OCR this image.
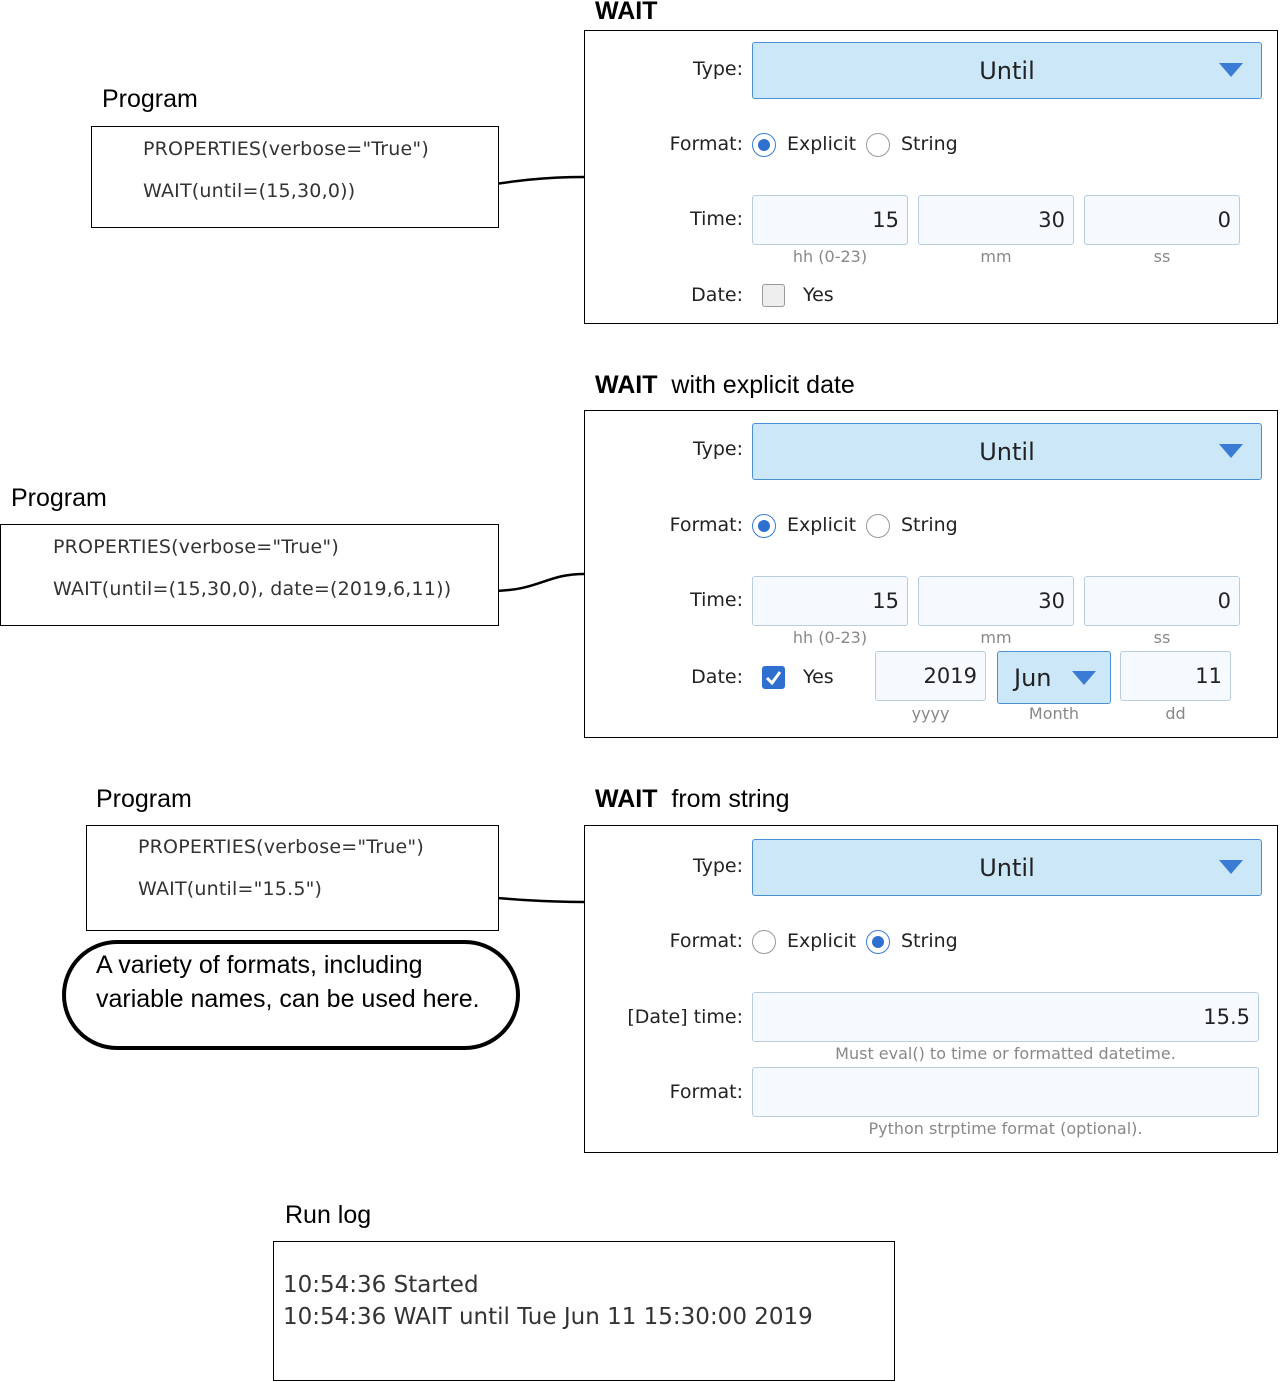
Program
PROPERTIES(verbose="True")
WAIT(until=(15,30,0))
WAIT
Type:	Until
Format: Explicit String
Time:	15	30	0
hh (0-23)	mm	ss
Date:	Yes
Program
PROPERTIES(verbose="True")
WAIT(until=(15,30,0), date=(2019,6,11))
WAIT with explicit date
Type:	Until
Format: Explicit String
Time:	15	30	0
hh (0-23)	mm	ss
Date:	Yes	2019	Jun	11
yyyy	Month	dd
Program
PROPERTIES(verbose="True")
WAIT(until="15.5")
A variety of formats, including variable names, can be used here.
WAIT from string
Type:	Until
Format: Explicit String
[Date] time:	15.5
Must eval() to time or formatted datetime.
Format:
Python strptime format (optional).
Run log
10:54:36 Started
10:54:36 WAIT until Tue Jun 11 15:30:00 2019
